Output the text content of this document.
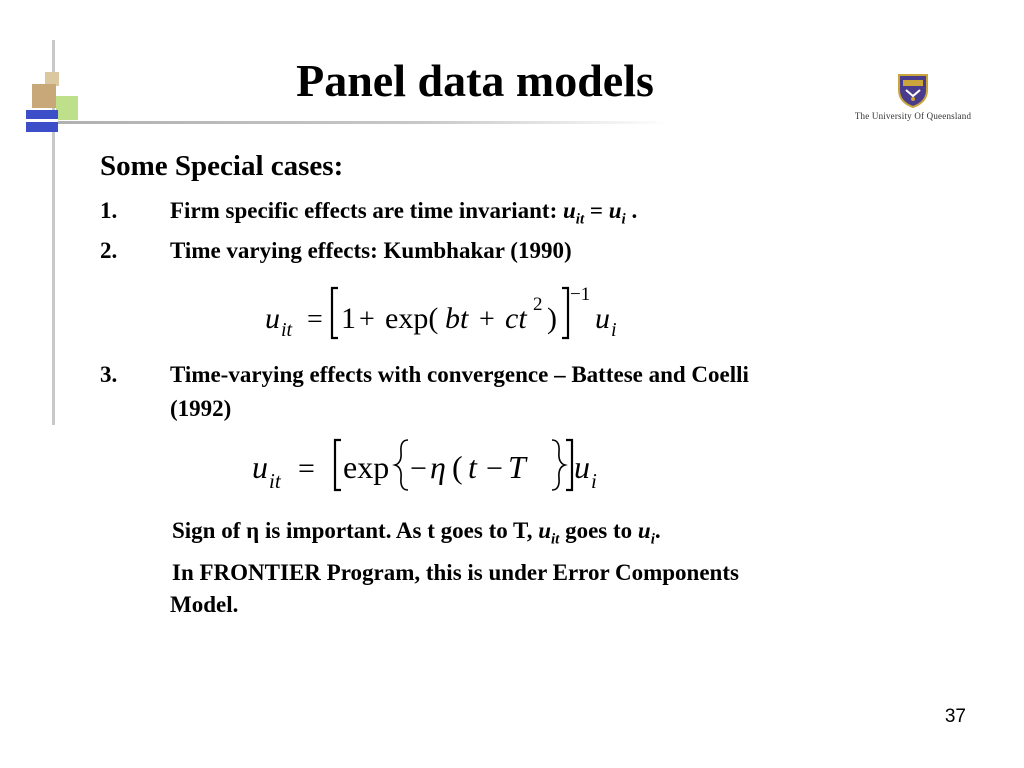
Panel data models
The University Of Queensland
Some Special cases:
1. Firm specific effects are time invariant: $u_{it} = u_i$ .
2. Time varying effects: Kumbhakar (1990)
u it = 1 + exp( bt + ct 2 )
−1
u i
3. Time-varying effects with convergence – Battese and Coelli
(1992)
u it = exp − η ( t − T u i
Sign of η is important. As t goes to T, $u_{it}$ goes to $u_i$.
In FRONTIER Program, this is under Error Components
Model.
37
